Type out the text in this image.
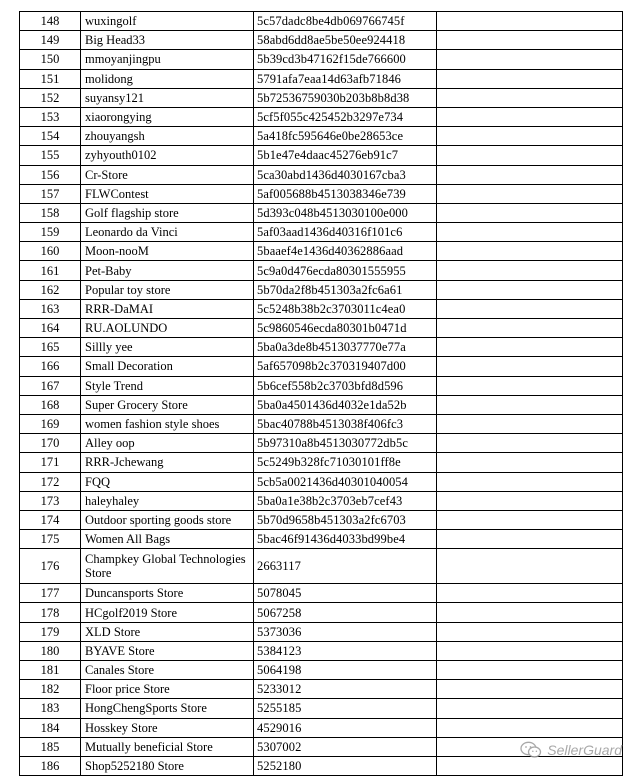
148	wuxingolf	5c57dadc8be4db069766745f	
149	Big Head33	58abd6dd8ae5be50ee924418	
150	mmoyanjingpu	5b39cd3b47162f15de766600	
151	molidong	5791afa7eaa14d63afb71846	
152	suyansy121	5b72536759030b203b8b8d38	
153	xiaorongying	5cf5f055c425452b3297e734	
154	zhouyangsh	5a418fc595646e0be28653ce	
155	zyhyouth0102	5b1e47e4daac45276eb91c7	
156	Cr-Store	5ca30abd1436d4030167cba3	
157	FLWContest	5af005688b4513038346e739	
158	Golf flagship store	5d393c048b4513030100e000	
159	Leonardo da Vinci	5af03aad1436d40316f101c6	
160	Moon-nooM	5baaef4e1436d40362886aad	
161	Pet-Baby	5c9a0d476ecda80301555955	
162	Popular toy store	5b70da2f8b451303a2fc6a61	
163	RRR-DaMAI	5c5248b38b2c3703011c4ea0	
164	RU.AOLUNDO	5c9860546ecda80301b0471d	
165	Sillly yee	5ba0a3de8b4513037770e77a	
166	Small Decoration	5af657098b2c370319407d00	
167	Style Trend	5b6cef558b2c3703bfd8d596	
168	Super Grocery Store	5ba0a4501436d4032e1da52b	
169	women fashion style shoes	5bac40788b4513038f406fc3	
170	Alley oop	5b97310a8b4513030772db5c	
171	RRR-Jchewang	5c5249b328fc71030101ff8e	
172	FQQ	5cb5a0021436d40301040054	
173	haleyhaley	5ba0a1e38b2c3703eb7cef43	
174	Outdoor sporting goods store	5b70d9658b451303a2fc6703	
175	Women All Bags	5bac46f91436d4033bd99be4	
176	Champkey Global Technologies Store	2663117	
177	Duncansports Store	5078045	
178	HCgolf2019 Store	5067258	
179	XLD Store	5373036	
180	BYAVE Store	5384123	
181	Canales Store	5064198	
182	Floor price Store	5233012	
183	HongChengSports Store	5255185	
184	Hosskey Store	4529016	
185	Mutually beneficial Store	5307002	
186	Shop5252180 Store	5252180	
SellerGuard
